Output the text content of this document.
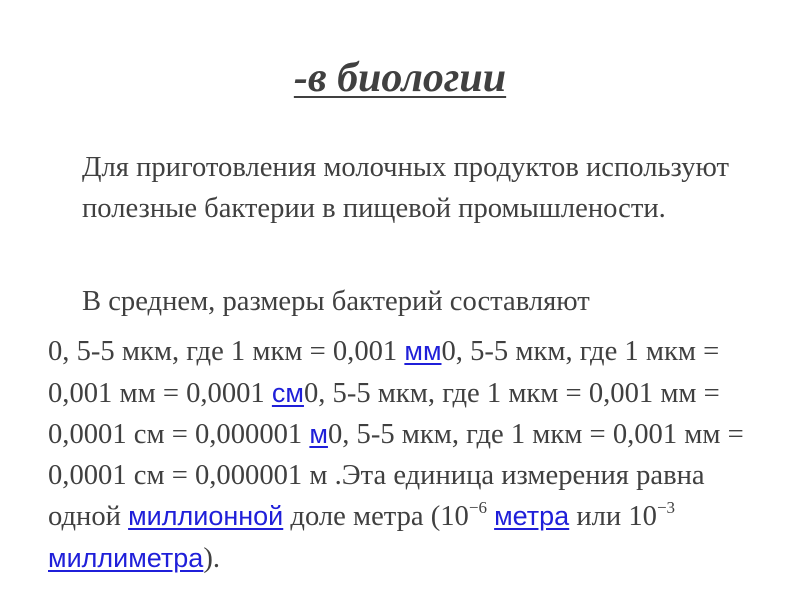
-в биологии
Для приготовления молочных продуктов используют полезные бактерии в пищевой промышлености.
В среднем, размеры бактерий составляют
0, 5-5 мкм, где 1 мкм = 0,001 мм0, 5-5 мкм, где 1 мкм = 0,001 мм = 0,0001 см0, 5-5 мкм, где 1 мкм = 0,001 мм = 0,0001 см = 0,000001 м0, 5-5 мкм, где 1 мкм = 0,001 мм = 0,0001 см = 0,000001 м .Эта единица измерения равна одной миллионной доле метра ($10^{-6}$ метра или $10^{-3}$ миллиметра).
